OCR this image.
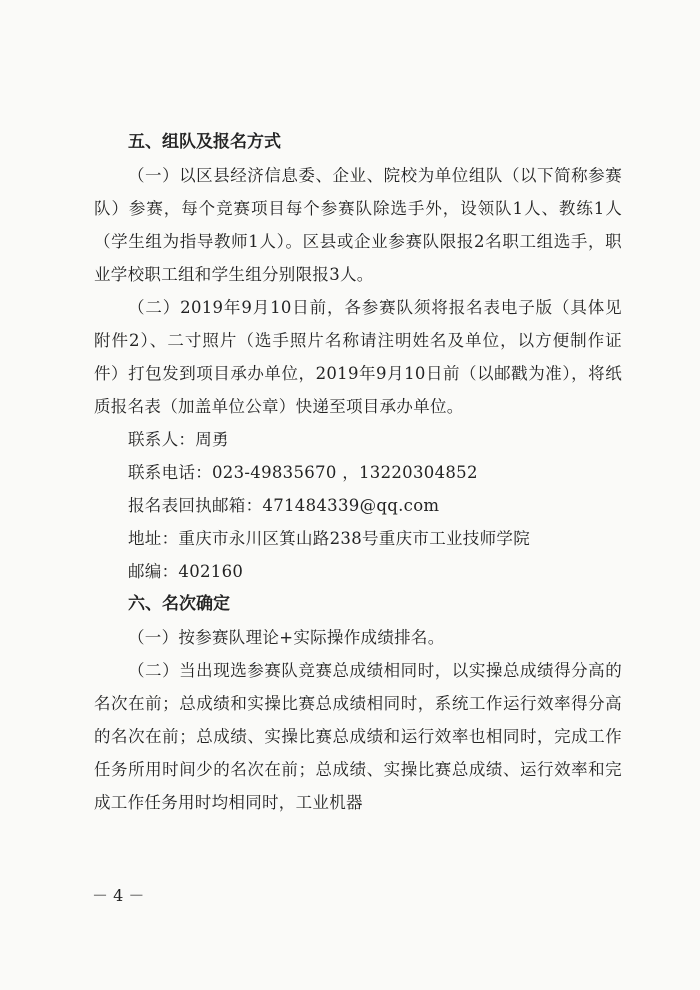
五、组队及报名方式

（一）以区县经济信息委、企业、院校为单位组队（以下简称参赛队）参赛，每个竞赛项目每个参赛队除选手外，设领队1人、教练1人（学生组为指导教师1人）。区县或企业参赛队限报2名职工组选手，职业学校职工组和学生组分别限报3人。

（二）2019年9月10日前，各参赛队须将报名表电子版（具体见附件2）、二寸照片（选手照片名称请注明姓名及单位，以方便制作证件）打包发到项目承办单位，2019年9月10日前（以邮戳为准），将纸质报名表（加盖单位公章）快递至项目承办单位。

联系人：周勇

联系电话：023-49835670 ，13220304852

报名表回执邮箱：471484339@qq.com

地址：重庆市永川区箕山路238号重庆市工业技师学院

邮编：402160

六、名次确定

（一）按参赛队理论+实际操作成绩排名。

（二）当出现选参赛队竞赛总成绩相同时，以实操总成绩得分高的名次在前；总成绩和实操比赛总成绩相同时，系统工作运行效率得分高的名次在前；总成绩、实操比赛总成绩和运行效率也相同时，完成工作任务所用时间少的名次在前；总成绩、实操比赛总成绩、运行效率和完成工作任务用时均相同时，工业机器

－ 4 －
